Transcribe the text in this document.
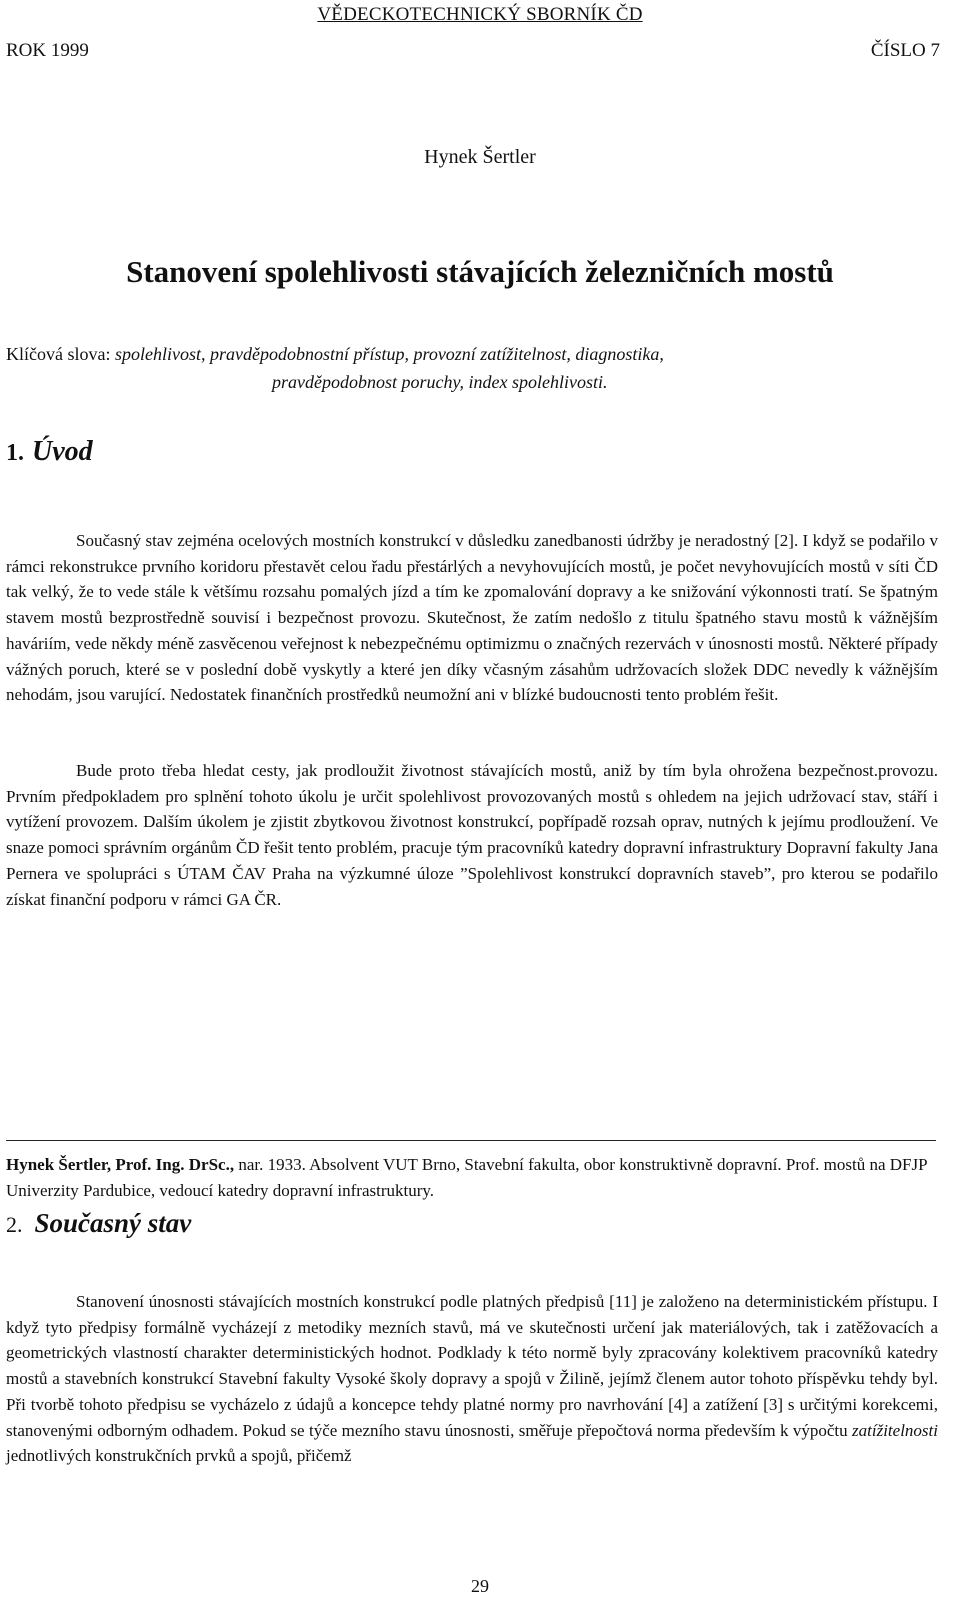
VĚDECKOTECHNICKÝ SBORNÍK ČD
ROK 1999	ČÍSLO 7
Hynek Šertler
Stanovení spolehlivosti stávajících železničních mostů
Klíčová slova: spolehlivost, pravděpodobnostní přístup, provozní zatížitelnost, diagnostika,
pravděpodobnost poruchy, index spolehlivosti.
1. Úvod
Současný stav zejména ocelových mostních konstrukcí v důsledku zanedbanosti údržby je neradostný [2]. I když se podařilo v rámci rekonstrukce prvního koridoru přestavět celou řadu přestárlých a nevyhovujících mostů, je počet nevyhovujících mostů v síti ČD tak velký, že to vede stále k většímu rozsahu pomalých jízd a tím ke zpomalování dopravy a ke snižování výkonnosti tratí. Se špatným stavem mostů bezprostředně souvisí i bezpečnost provozu. Skutečnost, že zatím nedošlo z titulu špatného stavu mostů k vážnějším haváriím, vede někdy méně zasvěcenou veřejnost k nebezpečnému optimizmu o značných rezervách v únosnosti mostů. Některé případy vážných poruch, které se v poslední době vyskytly a které jen díky včasným zásahům udržovacích složek DDC nevedly k vážnějším nehodám, jsou varující. Nedostatek finančních prostředků neumožní ani v blízké budoucnosti tento problém řešit.
Bude proto třeba hledat cesty, jak prodloužit životnost stávajících mostů, aniž by tím byla ohrožena bezpečnost.provozu. Prvním předpokladem pro splnění tohoto úkolu je určit spolehlivost provozovaných mostů s ohledem na jejich udržovací stav, stáří i vytížení provozem. Dalším úkolem je zjistit zbytkovou životnost konstrukcí, popřípadě rozsah oprav, nutných k jejímu prodloužení. Ve snaze pomoci správním orgánům ČD řešit tento problém, pracuje tým pracovníků katedry dopravní infrastruktury Dopravní fakulty Jana Pernera ve spolupráci s ÚTAM ČAV Praha na výzkumné úloze ”Spolehlivost konstrukcí dopravních staveb”, pro kterou se podařilo získat finanční podporu v rámci GA ČR.
Hynek Šertler, Prof. Ing. DrSc., nar. 1933. Absolvent VUT Brno, Stavební fakulta, obor konstruktivně dopravní. Prof. mostů na DFJP Univerzity Pardubice, vedoucí katedry dopravní infrastruktury.
2. Současný stav
Stanovení únosnosti stávajících mostních konstrukcí podle platných předpisů [11] je založeno na deterministickém přístupu. I když tyto předpisy formálně vycházejí z metodiky mezních stavů, má ve skutečnosti určení jak materiálových, tak i zatěžovacích a geometrických vlastností charakter deterministických hodnot. Podklady k této normě byly zpracovány kolektivem pracovníků katedry mostů a stavebních konstrukcí Stavební fakulty Vysoké školy dopravy a spojů v Žilině, jejímž členem autor tohoto příspěvku tehdy byl. Při tvorbě tohoto předpisu se vycházelo z údajů a koncepce tehdy platné normy pro navrhování [4] a zatížení [3] s určitými korekcemi, stanovenými odborným odhadem. Pokud se týče mezního stavu únosnosti, směřuje přepočtová norma především k výpočtu zatížitelnosti jednotlivých konstrukčních prvků a spojů, přičemž
29
